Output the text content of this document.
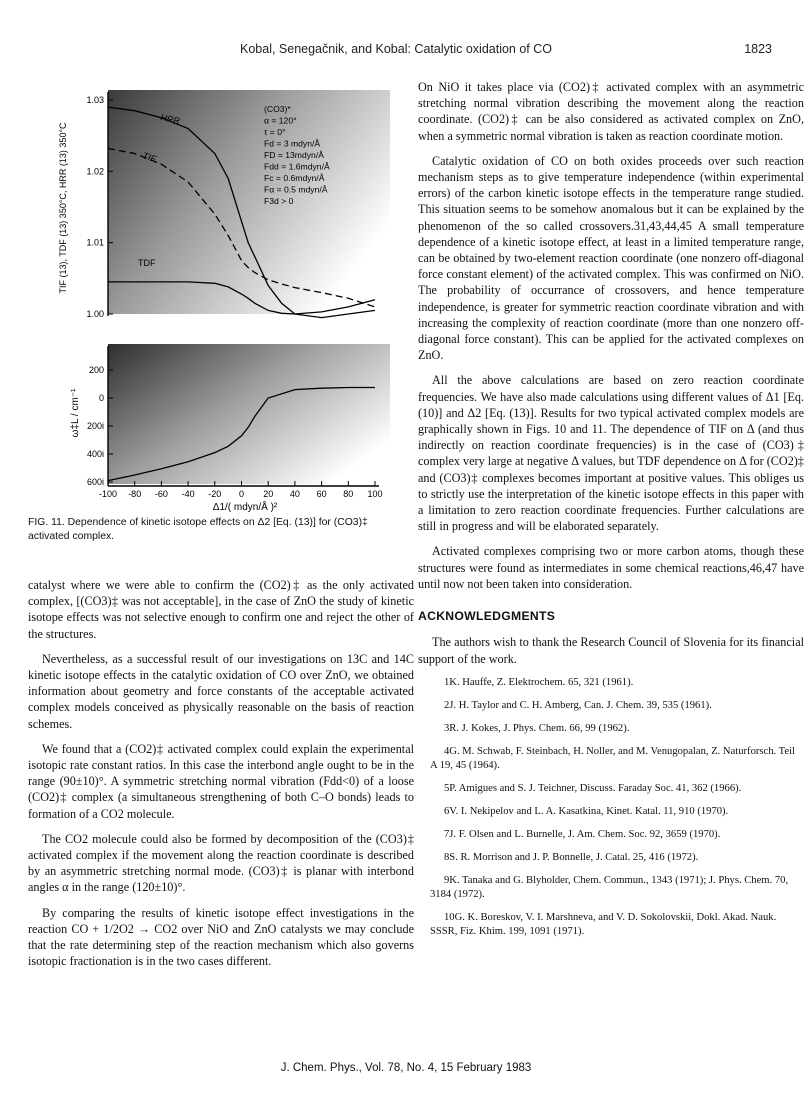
Kobal, Senegačnik, and Kobal: Catalytic oxidation of CO	1823
1.03
1.02
1.01
1.00
200
0
200i
400i
600i
-100 -80 -60 -40 -20 0 20 40 60 80 100
TIF (13), TDF (13) 350°C, HRR (13) 350°C
ω‡L / cm⁻¹
Δ1/( mdyn/Å )²
(CO3)*
α = 120°
τ = 0°
Fd = 3 mdyn/Å
FD = 13mdyn/Å
Fdd = 1.6mdyn/Å
Fc = 0.6mdyn/Å
Fα = 0.5 mdyn/Å
F3d > 0
HRR
TIF
TDF
FIG. 11. Dependence of kinetic isotope effects on Δ2 [Eq. (13)] for (CO3)‡ activated complex.

catalyst where we were able to confirm the (CO2)‡ as the only activated complex, [(CO3)‡ was not acceptable], in the case of ZnO the study of kinetic isotope effects was not selective enough to confirm one and reject the other of the structures.

Nevertheless, as a successful result of our investigations on 13C and 14C kinetic isotope effects in the catalytic oxidation of CO over ZnO, we obtained information about geometry and force constants of the acceptable activated complex models conceived as physically reasonable on the basis of reaction schemes.

We found that a (CO2)‡ activated complex could explain the experimental isotopic rate constant ratios. In this case the interbond angle ought to be in the range (90±10)°. A symmetric stretching normal vibration (Fdd<0) of a loose (CO2)‡ complex (a simultaneous strengthening of both C–O bonds) leads to formation of a CO2 molecule.

The CO2 molecule could also be formed by decomposition of the (CO3)‡ activated complex if the movement along the reaction coordinate is described by an asymmetric stretching normal mode. (CO3)‡ is planar with interbond angles α in the range (120±10)°.

By comparing the results of kinetic isotope effect investigations in the reaction CO + 1/2O2 → CO2 over NiO and ZnO catalysts we may conclude that the rate determining step of the reaction mechanism which also governs isotopic fractionation is in the two cases different.

On NiO it takes place via (CO2)‡ activated complex with an asymmetric stretching normal vibration describing the movement along the reaction coordinate. (CO2)‡ can be also considered as activated complex on ZnO, when a symmetric normal vibration is taken as reaction coordinate motion.

Catalytic oxidation of CO on both oxides proceeds over such reaction mechanism steps as to give temperature independence (within experimental errors) of the carbon kinetic isotope effects in the temperature range studied. This situation seems to be somehow anomalous but it can be explained by the phenomenon of the so called crossovers.31,43,44,45 A small temperature dependence of a kinetic isotope effect, at least in a limited temperature range, can be obtained by two-element reaction coordinate (one nonzero off-diagonal force constant element) of the activated complex. This was confirmed on NiO. The probability of occurrance of crossovers, and hence temperature independence, is greater for symmetric reaction coordinate vibration and with increasing the complexity of reaction coordinate (more than one nonzero off-diagonal force constant). This can be applied for the activated complexes on ZnO.

All the above calculations are based on zero reaction coordinate frequencies. We have also made calculations using different values of Δ1 [Eq. (10)] and Δ2 [Eq. (13)]. Results for two typical activated complex models are graphically shown in Figs. 10 and 11. The dependence of TIF on Δ (and thus indirectly on reaction coordinate frequencies) is in the case of (CO3)‡ complex very large at negative Δ values, but TDF dependence on Δ for (CO2)‡ and (CO3)‡ complexes becomes important at positive values. This obliges us to strictly use the interpretation of the kinetic isotope effects in this paper with a limitation to zero reaction coordinate frequencies. Further calculations are still in progress and will be elaborated separately.

Activated complexes comprising two or more carbon atoms, though these structures were found as intermediates in some chemical reactions,46,47 have until now not been taken into consideration.

ACKNOWLEDGMENTS

The authors wish to thank the Research Council of Slovenia for its financial support of the work.

1K. Hauffe, Z. Elektrochem. 65, 321 (1961).

2J. H. Taylor and C. H. Amberg, Can. J. Chem. 39, 535 (1961).

3R. J. Kokes, J. Phys. Chem. 66, 99 (1962).

4G. M. Schwab, F. Steinbach, H. Noller, and M. Venugopalan, Z. Naturforsch. Teil A 19, 45 (1964).

5P. Amigues and S. J. Teichner, Discuss. Faraday Soc. 41, 362 (1966).

6V. I. Nekipelov and L. A. Kasatkina, Kinet. Katal. 11, 910 (1970).

7J. F. Olsen and L. Burnelle, J. Am. Chem. Soc. 92, 3659 (1970).

8S. R. Morrison and J. P. Bonnelle, J. Catal. 25, 416 (1972).

9K. Tanaka and G. Blyholder, Chem. Commun., 1343 (1971); J. Phys. Chem. 70, 3184 (1972).

10G. K. Boreskov, V. I. Marshneva, and V. D. Sokolovskii, Dokl. Akad. Nauk. SSSR, Fiz. Khim. 199, 1091 (1971).

J. Chem. Phys., Vol. 78, No. 4, 15 February 1983
